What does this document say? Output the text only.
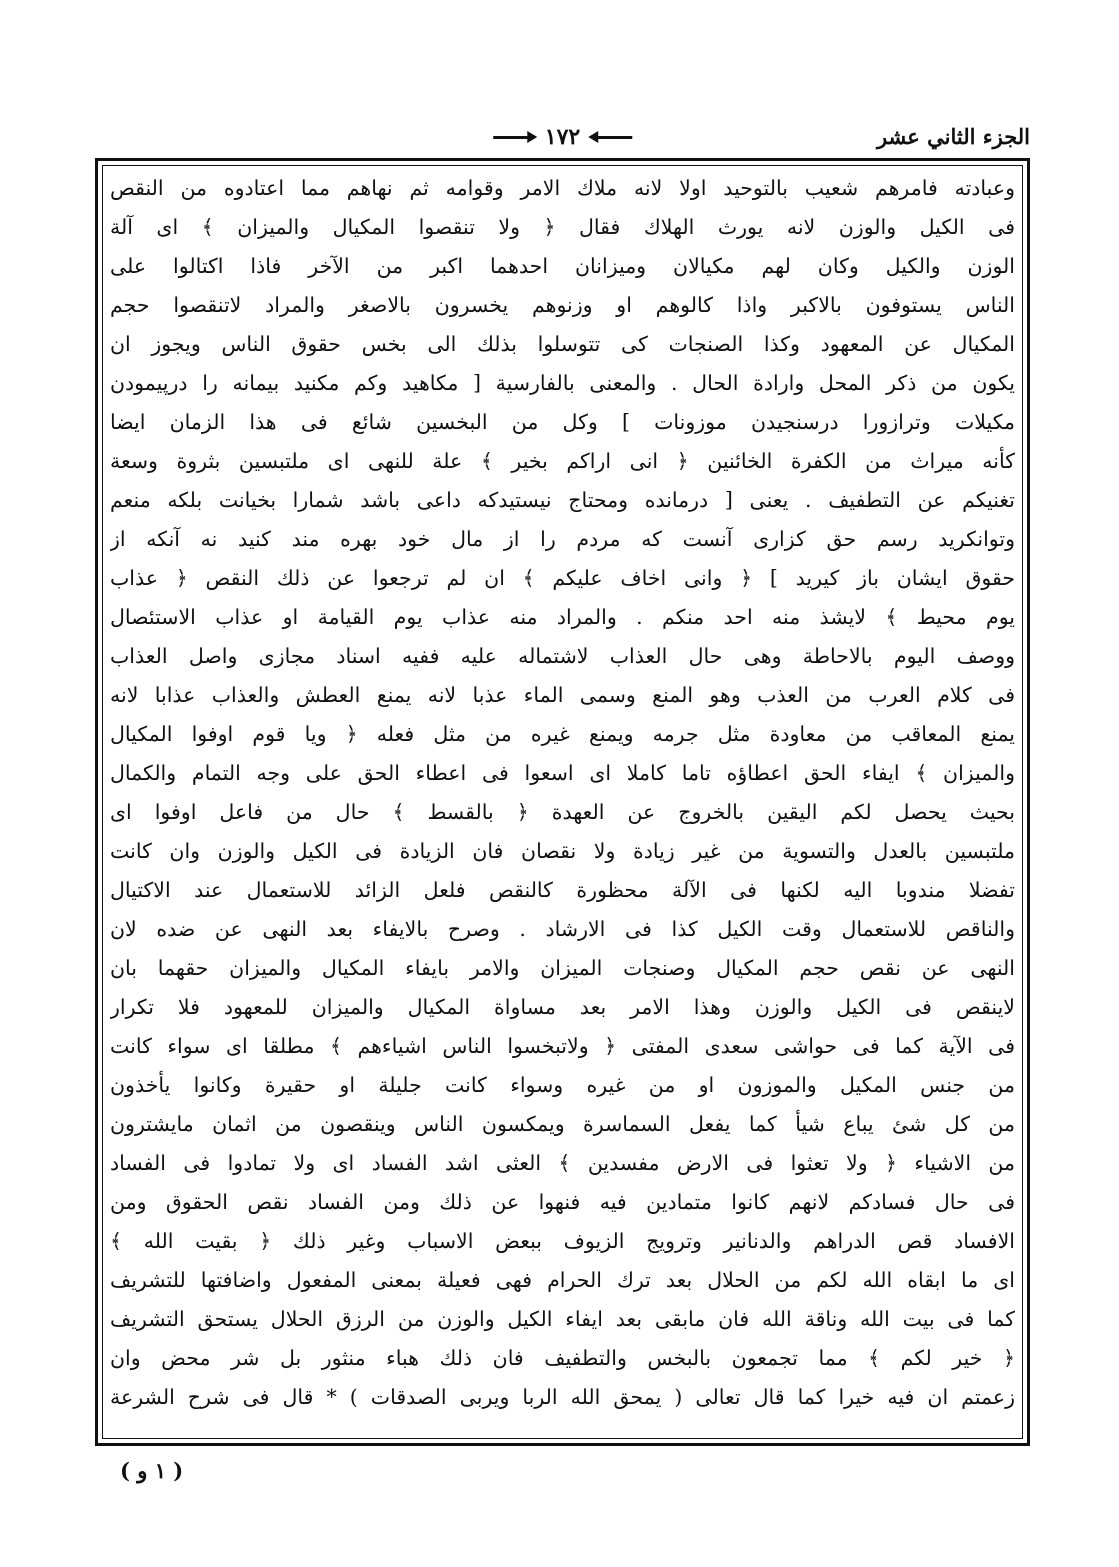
الجزء الثاني عشر
١٧٢
وعبادته فامرهم شعيب بالتوحيد اولا لانه ملاك الامر وقوامه ثم نهاهم مما اعتادوه من النقص
فى الكيل والوزن لانه يورث الهلاك فقال ﴿ ولا تنقصوا المكيال والميزان ﴾ اى آلة
الوزن والكيل وكان لهم مكيالان وميزانان احدهما اكبر من الآخر فاذا اكتالوا على
الناس يستوفون بالاكبر واذا كالوهم او وزنوهم يخسرون بالاصغر والمراد لاتنقصوا حجم
المكيال عن المعهود وكذا الصنجات كى تتوسلوا بذلك الى بخس حقوق الناس ويجوز ان
يكون من ذكر المحل وارادة الحال . والمعنى بالفارسية [ مكاهيد وكم مكنيد بيمانه را درپيمودن
مكيلات وترازورا درسنجيدن موزونات ] وكل من البخسين شائع فى هذا الزمان ايضا
كأنه ميراث من الكفرة الخائنين ﴿ انى اراكم بخير ﴾ علة للنهى اى ملتبسين بثروة وسعة
تغنيكم عن التطفيف . يعنى [ درمانده ومحتاج نيستيدكه داعى باشد شمارا بخيانت بلكه منعم
وتوانكريد رسم حق كزارى آنست كه مردم را از مال خود بهره مند كنيد نه آنكه از
حقوق ايشان باز كيريد ] ﴿ وانى اخاف عليكم ﴾ ان لم ترجعوا عن ذلك النقص ﴿ عذاب
يوم محيط ﴾ لايشذ منه احد منكم . والمراد منه عذاب يوم القيامة او عذاب الاستئصال
ووصف اليوم بالاحاطة وهى حال العذاب لاشتماله عليه ففيه اسناد مجازى واصل العذاب
فى كلام العرب من العذب وهو المنع وسمى الماء عذبا لانه يمنع العطش والعذاب عذابا لانه
يمنع المعاقب من معاودة مثل جرمه ويمنع غيره من مثل فعله ﴿ ويا قوم اوفوا المكيال
والميزان ﴾ ايفاء الحق اعطاؤه تاما كاملا اى اسعوا فى اعطاء الحق على وجه التمام والكمال
بحيث يحصل لكم اليقين بالخروج عن العهدة ﴿ بالقسط ﴾ حال من فاعل اوفوا اى
ملتبسين بالعدل والتسوية من غير زيادة ولا نقصان فان الزيادة فى الكيل والوزن وان كانت
تفضلا مندوبا اليه لكنها فى الآلة محظورة كالنقص فلعل الزائد للاستعمال عند الاكتيال
والناقص للاستعمال وقت الكيل كذا فى الارشاد . وصرح بالايفاء بعد النهى عن ضده لان
النهى عن نقص حجم المكيال وصنجات الميزان والامر بايفاء المكيال والميزان حقهما بان
لاينقص فى الكيل والوزن وهذا الامر بعد مساواة المكيال والميزان للمعهود فلا تكرار
فى الآية كما فى حواشى سعدى المفتى ﴿ ولاتبخسوا الناس اشياءهم ﴾ مطلقا اى سواء كانت
من جنس المكيل والموزون او من غيره وسواء كانت جليلة او حقيرة وكانوا يأخذون
من كل شئ يباع شيأ كما يفعل السماسرة ويمكسون الناس وينقصون من اثمان مايشترون
من الاشياء ﴿ ولا تعثوا فى الارض مفسدين ﴾ العثى اشد الفساد اى ولا تمادوا فى الفساد
فى حال فسادكم لانهم كانوا متمادين فيه فنهوا عن ذلك ومن الفساد نقص الحقوق ومن
الافساد قص الدراهم والدنانير وترويج الزيوف ببعض الاسباب وغير ذلك ﴿ بقيت الله ﴾
اى ما ابقاه الله لكم من الحلال بعد ترك الحرام فهى فعيلة بمعنى المفعول واضافتها للتشريف
كما فى بيت الله وناقة الله فان مابقى بعد ايفاء الكيل والوزن من الرزق الحلال يستحق التشريف
﴿ خير لكم ﴾ مما تجمعون بالبخس والتطفيف فان ذلك هباء منثور بل شر محض وان
زعمتم ان فيه خيرا كما قال تعالى ( يمحق الله الربا ويربى الصدقات ) * قال فى شرح الشرعة
( ١ و )
